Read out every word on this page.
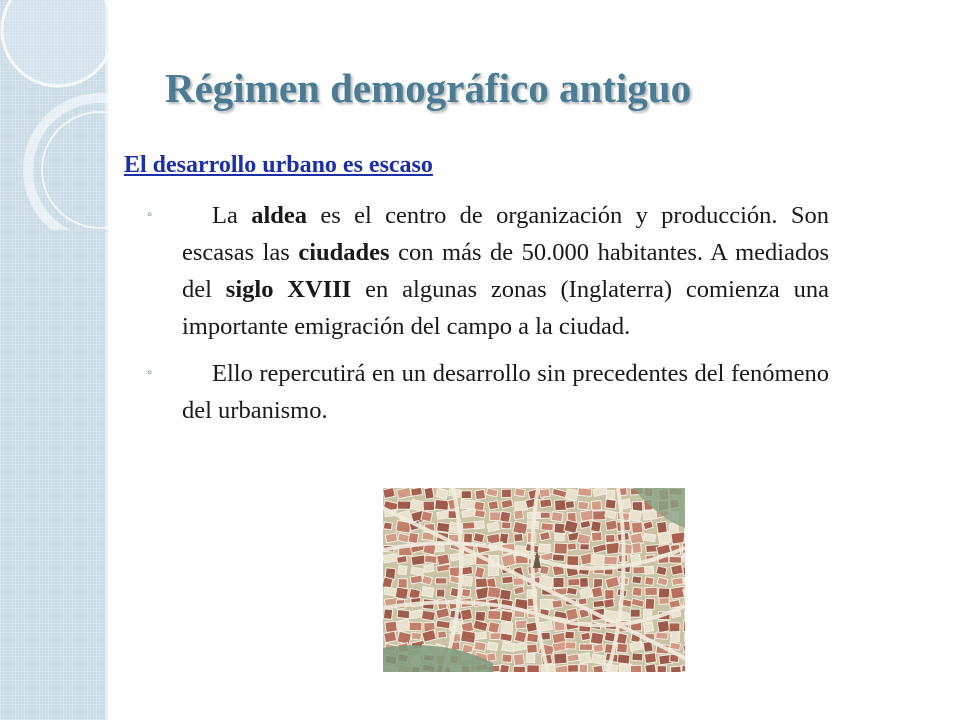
Régimen demográfico antiguo
El desarrollo urbano es escaso
◦ La aldea es el centro de organización y producción. Son escasas las ciudades con más de 50.000 habitantes. A mediados del siglo XVIII en algunas zonas (Inglaterra) comienza una importante emigración del campo a la ciudad.
◦ Ello repercutirá en un desarrollo sin precedentes del fenómeno del urbanismo.
